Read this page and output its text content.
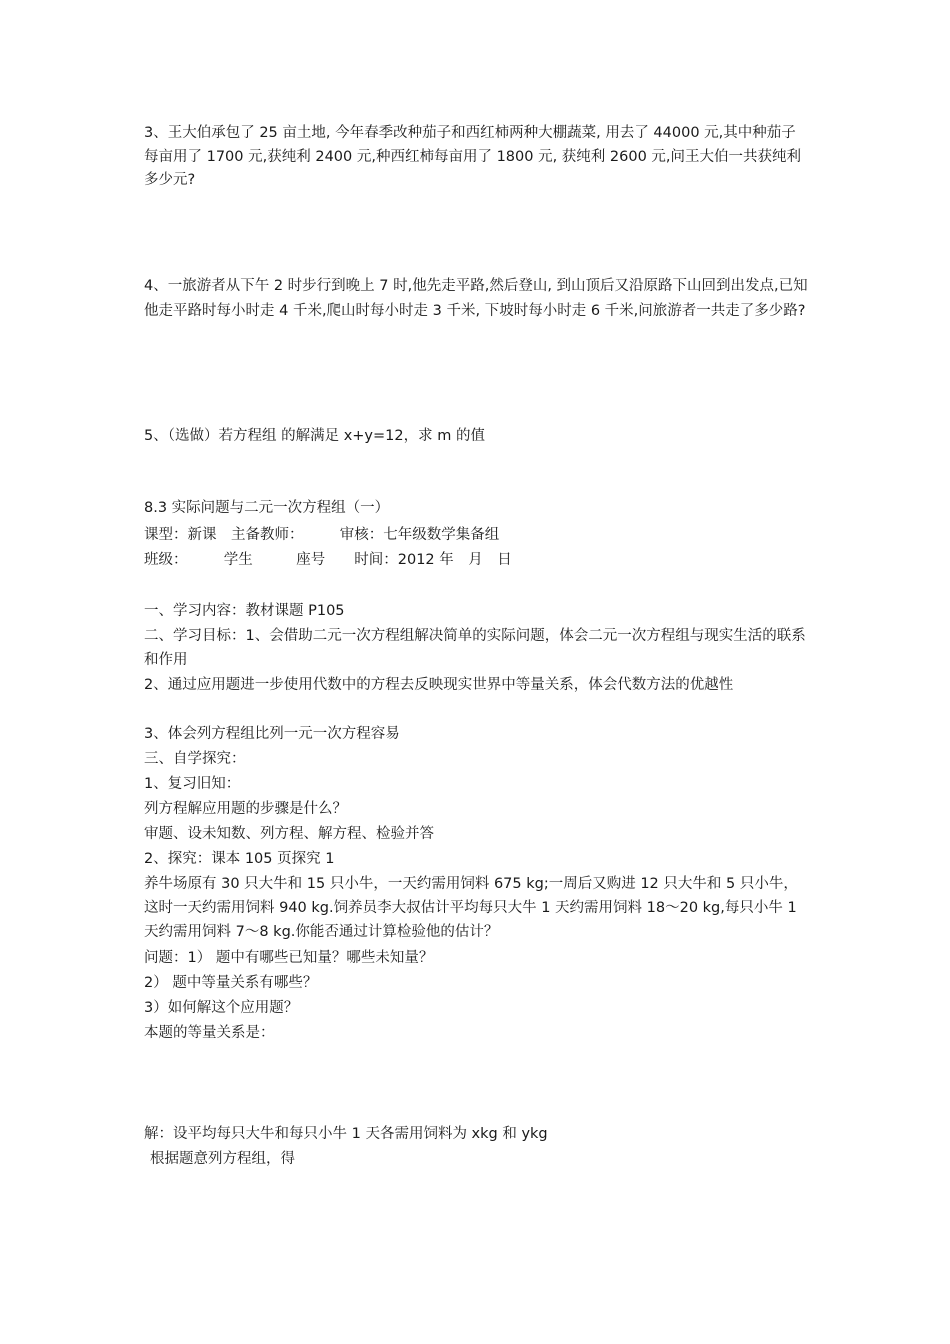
3、王大伯承包了 25 亩土地, 今年春季改种茄子和西红柿两种大棚蔬菜, 用去了 44000 元,其中种茄子每亩用了 1700 元,获纯利 2400 元,种西红柿每亩用了 1800 元, 获纯利 2600 元,问王大伯一共获纯利多少元?
4、一旅游者从下午 2 时步行到晚上 7 时,他先走平路,然后登山, 到山顶后又沿原路下山回到出发点,已知他走平路时每小时走 4 千米,爬山时每小时走 3 千米, 下坡时每小时走 6 千米,问旅游者一共走了多少路?
5、（选做）若方程组 的解满足 x+y=12，求 m 的值
8.3 实际问题与二元一次方程组（一）
课型：新课　主备教师：　　　审核：七年级数学集备组
班级：　　　学生　　　座号　　时间：2012 年　月　日
一、学习内容：教材课题 P105
二、学习目标：1、会借助二元一次方程组解决简单的实际问题，体会二元一次方程组与现实生活的联系和作用
2、通过应用题进一步使用代数中的方程去反映现实世界中等量关系，体会代数方法的优越性
3、体会列方程组比列一元一次方程容易
三、自学探究：
1、复习旧知：
列方程解应用题的步骤是什么？
审题、设未知数、列方程、解方程、检验并答
2、探究：课本 105 页探究 1
养牛场原有 30 只大牛和 15 只小牛，一天约需用饲料 675 kg;一周后又购进 12 只大牛和 5 只小牛，这时一天约需用饲料 940 kg.饲养员李大叔估计平均每只大牛 1 天约需用饲料 18～20 kg,每只小牛 1 天约需用饲料 7～8 kg.你能否通过计算检验他的估计？
问题：1） 题中有哪些已知量？哪些未知量？
2） 题中等量关系有哪些？
3）如何解这个应用题？
本题的等量关系是：
解：设平均每只大牛和每只小牛 1 天各需用饲料为 xkg 和 ykg
根据题意列方程组，得
